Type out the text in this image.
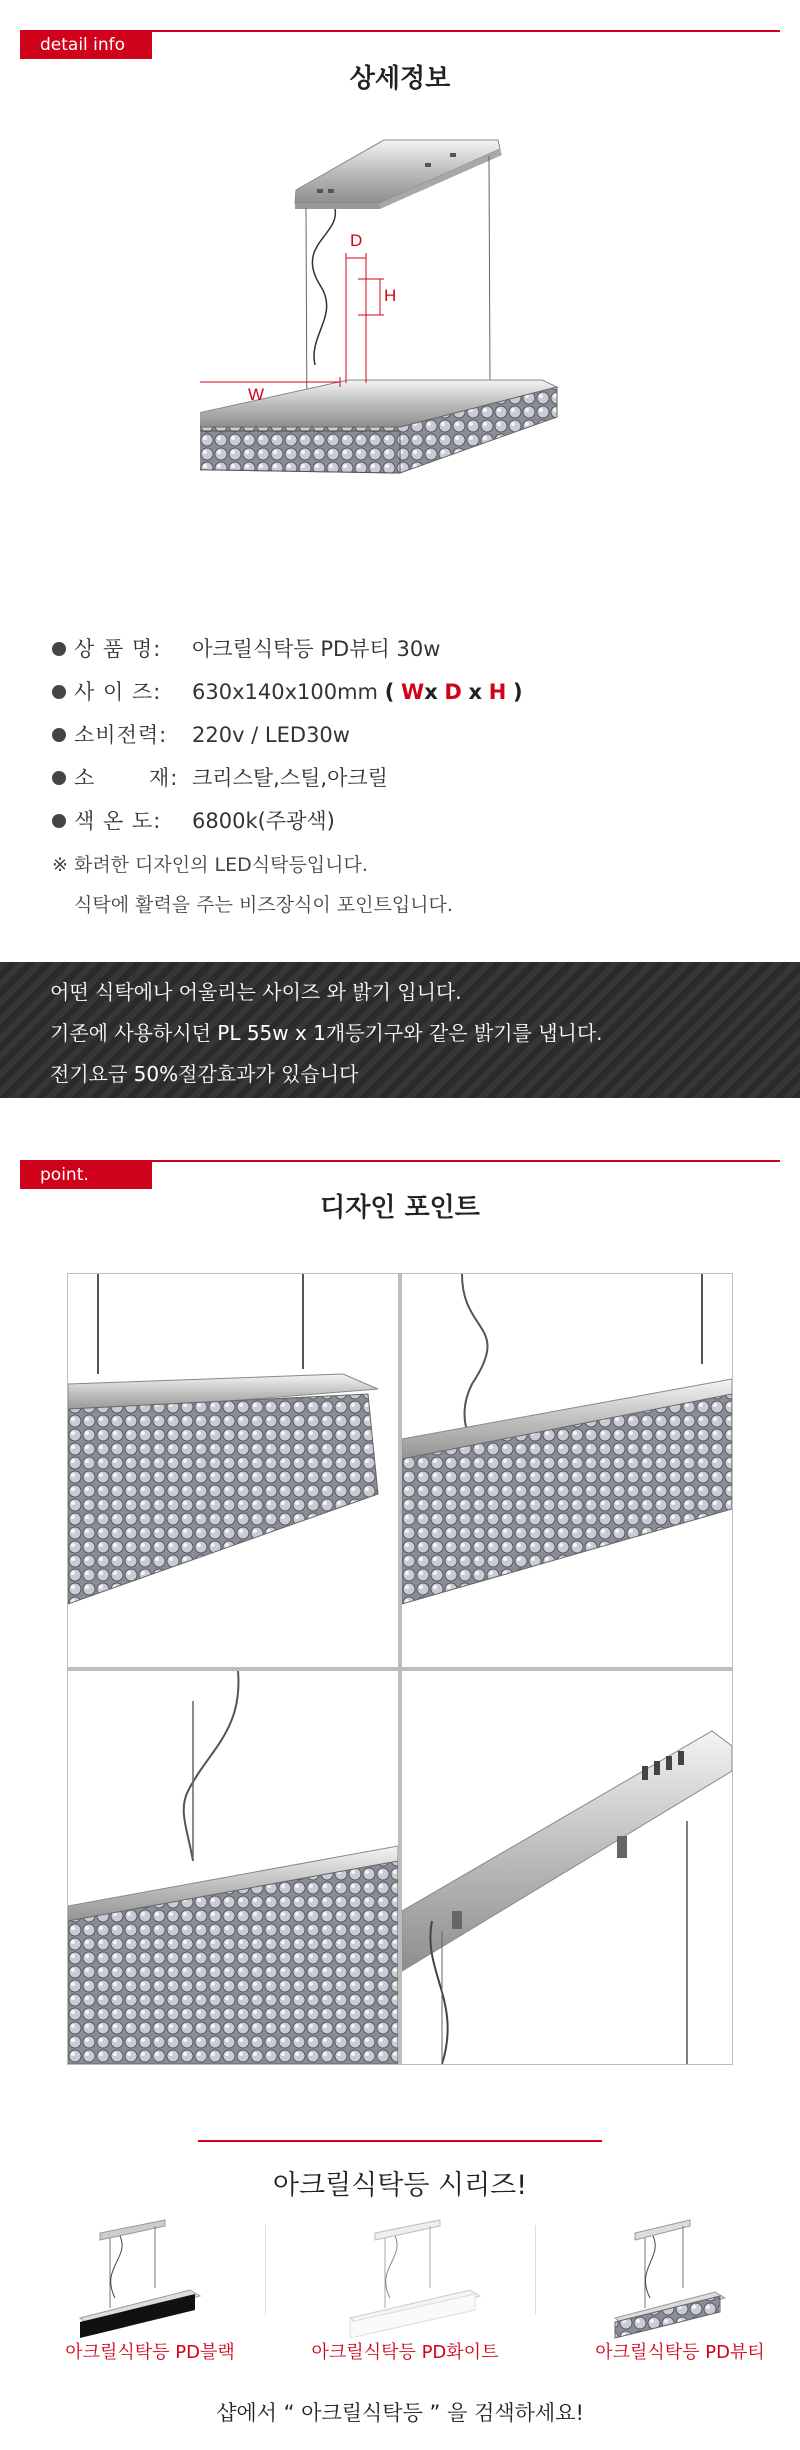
detail info
상세정보
D
H
W
상 품 명: 아크릴식탁등 PD뷰티 30w
사 이 즈: 630x140x100mm ( Wx D x H )
소비전력: 220v / LED30w
소       재: 크리스탈,스틸,아크릴
색 온 도: 6800k(주광색)
※ 화려한 디자인의 LED식탁등입니다.
식탁에 활력을 주는 비즈장식이 포인트입니다.
어떤 식탁에나 어울리는 사이즈 와 밝기 입니다.
기존에 사용하시던 PL 55w x 1개등기구와 같은 밝기를 냅니다.
전기요금 50%절감효과가 있습니다
point.
디자인 포인트
아크릴식탁등 시리즈!
아크릴식탁등 PD블랙	아크릴식탁등 PD화이트	아크릴식탁등 PD뷰티
샵에서 “ 아크릴식탁등 ” 을 검색하세요!
